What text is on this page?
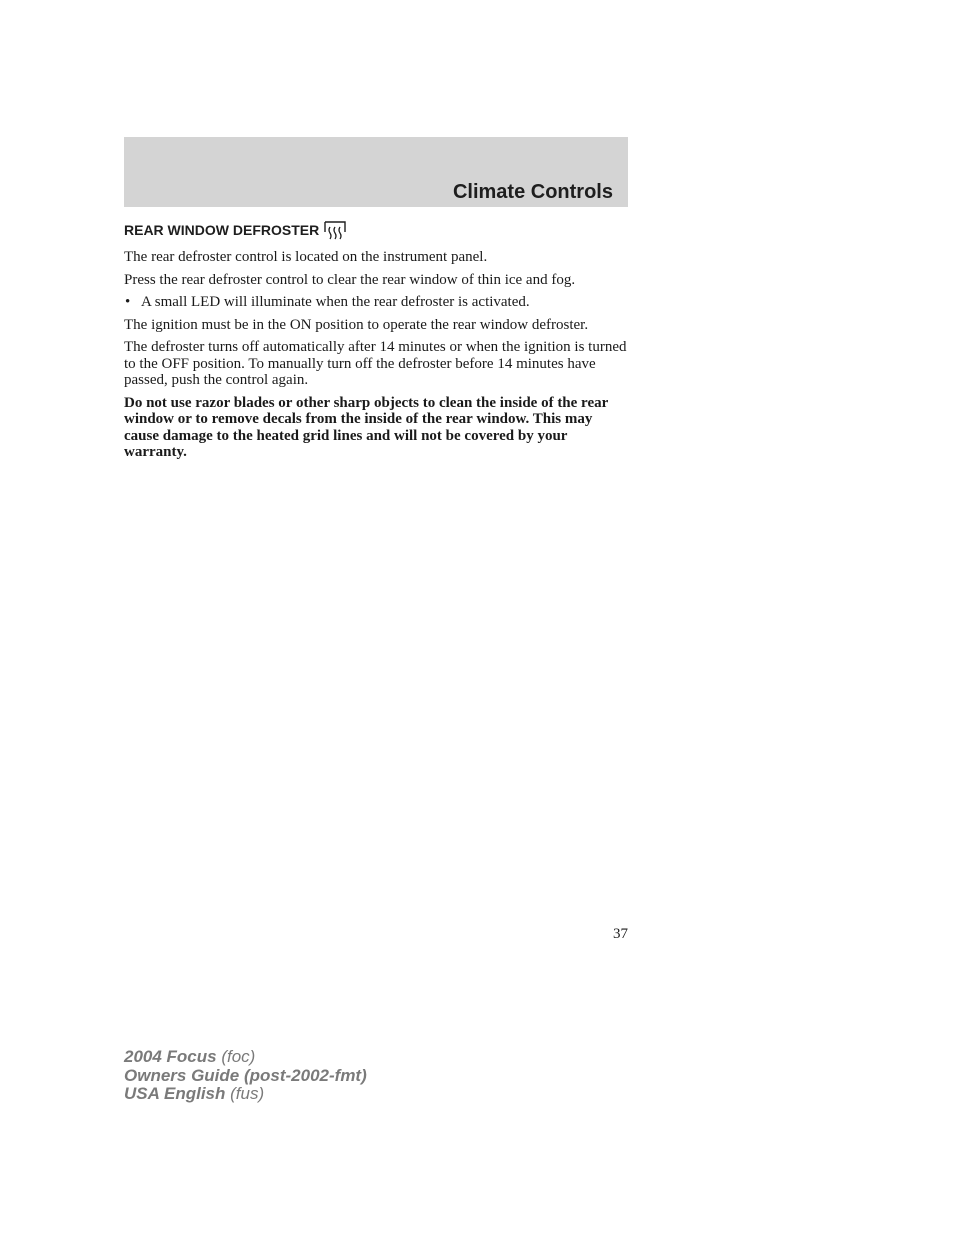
Climate Controls
REAR WINDOW DEFROSTER

The rear defroster control is located on the instrument panel.

Press the rear defroster control to clear the rear window of thin ice and fog.

• A small LED will illuminate when the rear defroster is activated.

The ignition must be in the ON position to operate the rear window defroster.

The defroster turns off automatically after 14 minutes or when the ignition is turned to the OFF position. To manually turn off the defroster before 14 minutes have passed, push the control again.

Do not use razor blades or other sharp objects to clean the inside of the rear window or to remove decals from the inside of the rear window. This may cause damage to the heated grid lines and will not be covered by your warranty.

37

2004 Focus (foc)
Owners Guide (post-2002-fmt)
USA English (fus)
